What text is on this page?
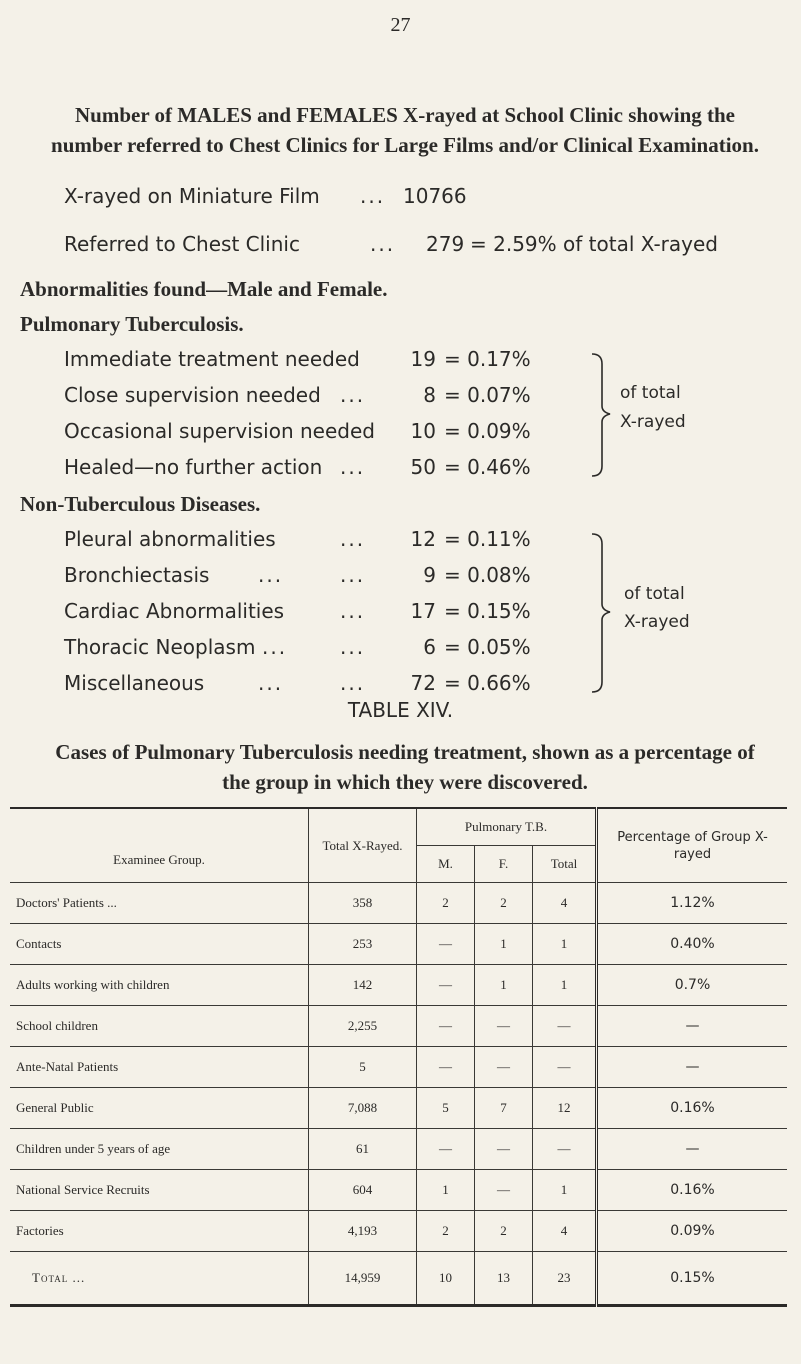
27
Number of MALES and FEMALES X-rayed at School Clinic showing the number referred to Chest Clinics for Large Films and/or Clinical Examination.
X-rayed on Miniature Film ... 10766
Referred to Chest Clinic	... 279 = 2.59% of total X-rayed
Abnormalities found—Male and Female.
Pulmonary Tuberculosis.
Immediate treatment needed	19 = 0.17%
Close supervision needed ...	8 = 0.07%
Occasional supervision needed	10 = 0.09%
Healed—no further action ...	50 = 0.46%
of total
X-rayed
Non-Tuberculous Diseases.
Pleural abnormalities	...	12 = 0.11%
Bronchiectasis ...	...	9 = 0.08%
Cardiac Abnormalities	...	17 = 0.15%
Thoracic Neoplasm ...	...	6 = 0.05%
Miscellaneous	...	...	72 = 0.66%
of total
X-rayed
TABLE XIV.
Cases of Pulmonary Tuberculosis needing treatment, shown as a percentage of the group in which they were discovered.
Examinee Group.	Total X-Rayed.	Pulmonary T.B.			Percentage of Group X-rayed
		M.	F.	Total	
Doctors' Patients ...	358	2	2	4	1.12%
Contacts	253	—	1	1	0.40%
Adults working with children	142	—	1	1	0.7%
School children	2,255	—	—	—	—
Ante-Natal Patients	5	—	—	—	—
General Public	7,088	5	7	12	0.16%
Children under 5 years of age	61	—	—	—	—
National Service Recruits	604	1	—	1	0.16%
Factories	4,193	2	2	4	0.09%
Total ...	14,959	10	13	23	0.15%
